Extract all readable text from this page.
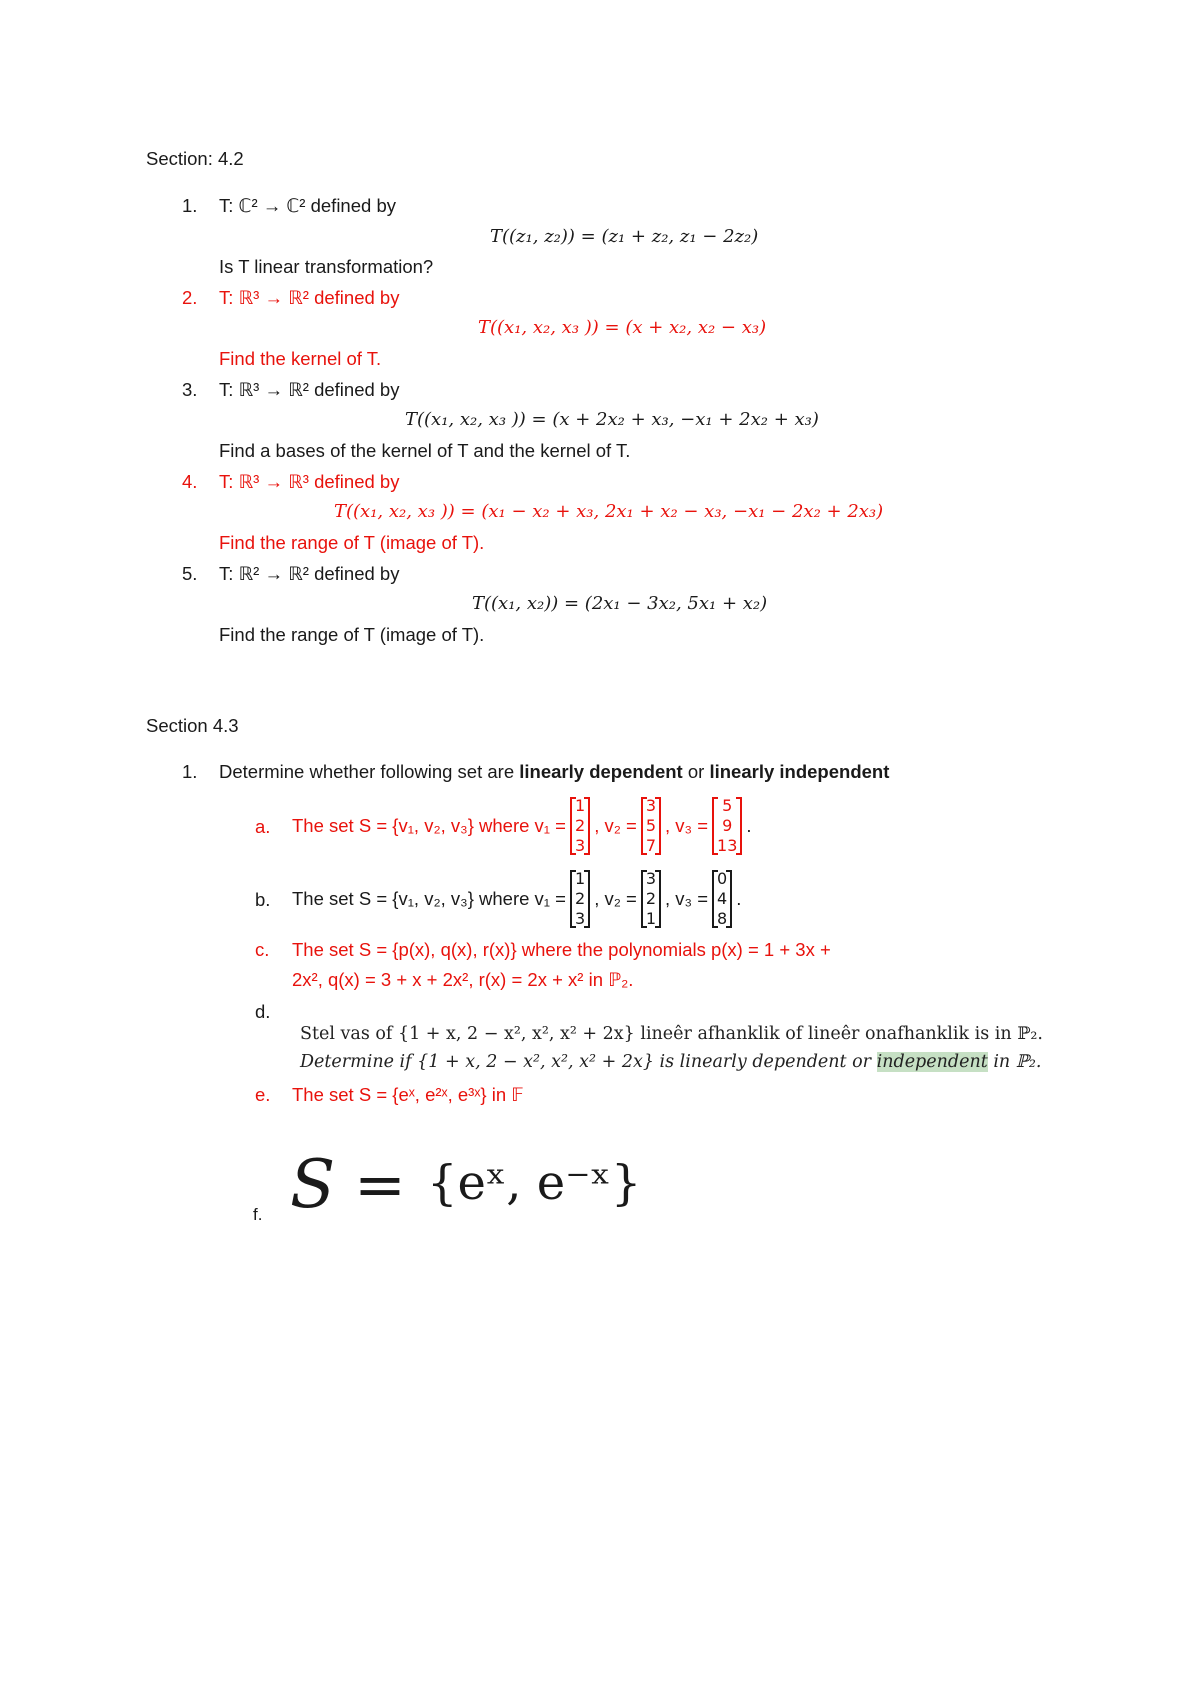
Section: 4.2
1. T: ℂ² → ℂ² defined by
T((z₁, z₂)) = (z₁ + z₂, z₁ − 2z₂)
Is T linear transformation?
2. T: ℝ³ → ℝ² defined by
T((x₁, x₂, x₃ )) = (x + x₂, x₂ − x₃)
Find the kernel of T.
3. T: ℝ³ → ℝ² defined by
T((x₁, x₂, x₃ )) = (x + 2x₂ + x₃, −x₁ + 2x₂ + x₃)
Find a bases of the kernel of T and the kernel of T.
4. T: ℝ³ → ℝ³ defined by
T((x₁, x₂, x₃ )) = (x₁ − x₂ + x₃, 2x₁ + x₂ − x₃, −x₁ − 2x₂ + 2x₃)
Find the range of T (image of T).
5. T: ℝ² → ℝ² defined by
T((x₁, x₂)) = (2x₁ − 3x₂, 5x₁ + x₂)
Find the range of T (image of T).
Section 4.3
1. Determine whether following set are linearly dependent or linearly independent
a. The set S = {v₁, v₂, v₃} where v₁ =
1
2
3
, v₂ =
3
5
7
, v₃ =
5
9
13
.
b. The set S = {v₁, v₂, v₃} where v₁ =
1
2
3
, v₂ =
3
2
1
, v₃ =
0
4
8
.
c. The set S = {p(x), q(x), r(x)} where the polynomials p(x) = 1 + 3x +
2x², q(x) = 3 + x + 2x², r(x) = 2x + x² in ℙ₂.
d.
Stel vas of {1 + x, 2 − x², x², x² + 2x} lineêr afhanklik of lineêr onafhanklik is in ℙ₂.
Determine if {1 + x, 2 − x², x², x² + 2x} is linearly dependent or independent in ℙ₂.
e. The set S = {eˣ, e²ˣ, e³ˣ} in 𝔽
f. S = {eˣ, e⁻ˣ}
